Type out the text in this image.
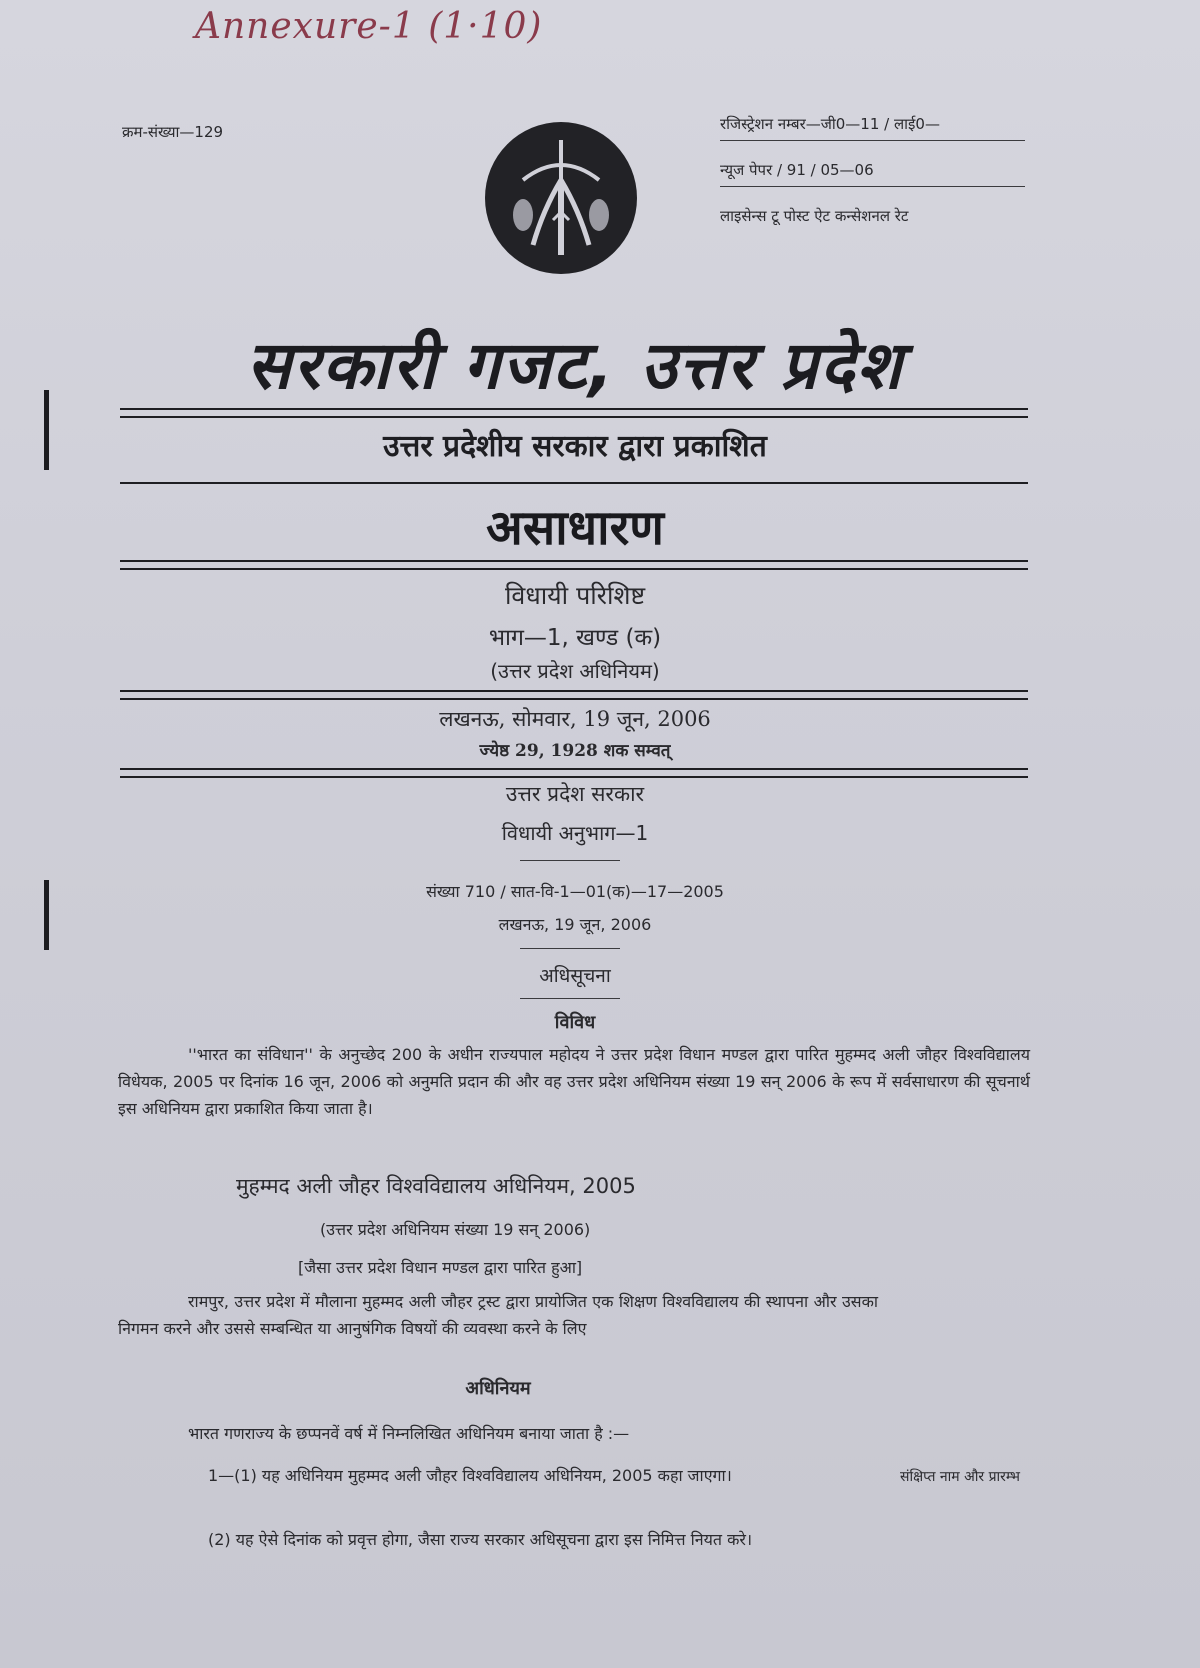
Annexure-1 (1·10)
क्रम-संख्या—129	रजिस्ट्रेशन नम्बर—जी0—11 / लाई0—
न्यूज पेपर / 91 / 05—06
लाइसेन्स टू पोस्ट ऐट कन्सेशनल रेट
सरकारी गजट, उत्तर प्रदेश
उत्तर प्रदेशीय सरकार द्वारा प्रकाशित
असाधारण
विधायी परिशिष्ट
भाग—1, खण्ड (क)
(उत्तर प्रदेश अधिनियम)
लखनऊ, सोमवार, 19 जून, 2006
ज्येष्ठ 29, 1928 शक सम्वत्
उत्तर प्रदेश सरकार
विधायी अनुभाग—1
संख्या 710 / सात-वि-1—01(क)—17—2005
लखनऊ, 19 जून, 2006
अधिसूचना
विविध
''भारत का संविधान'' के अनुच्छेद 200 के अधीन राज्यपाल महोदय ने उत्तर प्रदेश विधान मण्डल द्वारा पारित मुहम्मद अली जौहर विश्वविद्यालय विधेयक, 2005 पर दिनांक 16 जून, 2006 को अनुमति प्रदान की और वह उत्तर प्रदेश अधिनियम संख्या 19 सन् 2006 के रूप में सर्वसाधारण की सूचनार्थ इस अधिनियम द्वारा प्रकाशित किया जाता है।
मुहम्मद अली जौहर विश्वविद्यालय अधिनियम, 2005
(उत्तर प्रदेश अधिनियम संख्या 19 सन् 2006)
[जैसा उत्तर प्रदेश विधान मण्डल द्वारा पारित हुआ]
रामपुर, उत्तर प्रदेश में मौलाना मुहम्मद अली जौहर ट्रस्ट द्वारा प्रायोजित एक शिक्षण विश्वविद्यालय की स्थापना और उसका निगमन करने और उससे सम्बन्धित या आनुषंगिक विषयों की व्यवस्था करने के लिए
अधिनियम
भारत गणराज्य के छप्पनवें वर्ष में निम्नलिखित अधिनियम बनाया जाता है :—
1—(1) यह अधिनियम मुहम्मद अली जौहर विश्वविद्यालय अधिनियम, 2005 कहा जाएगा।
(2) यह ऐसे दिनांक को प्रवृत्त होगा, जैसा राज्य सरकार अधिसूचना द्वारा इस निमित्त नियत करे।
संक्षिप्त नाम और प्रारम्भ
